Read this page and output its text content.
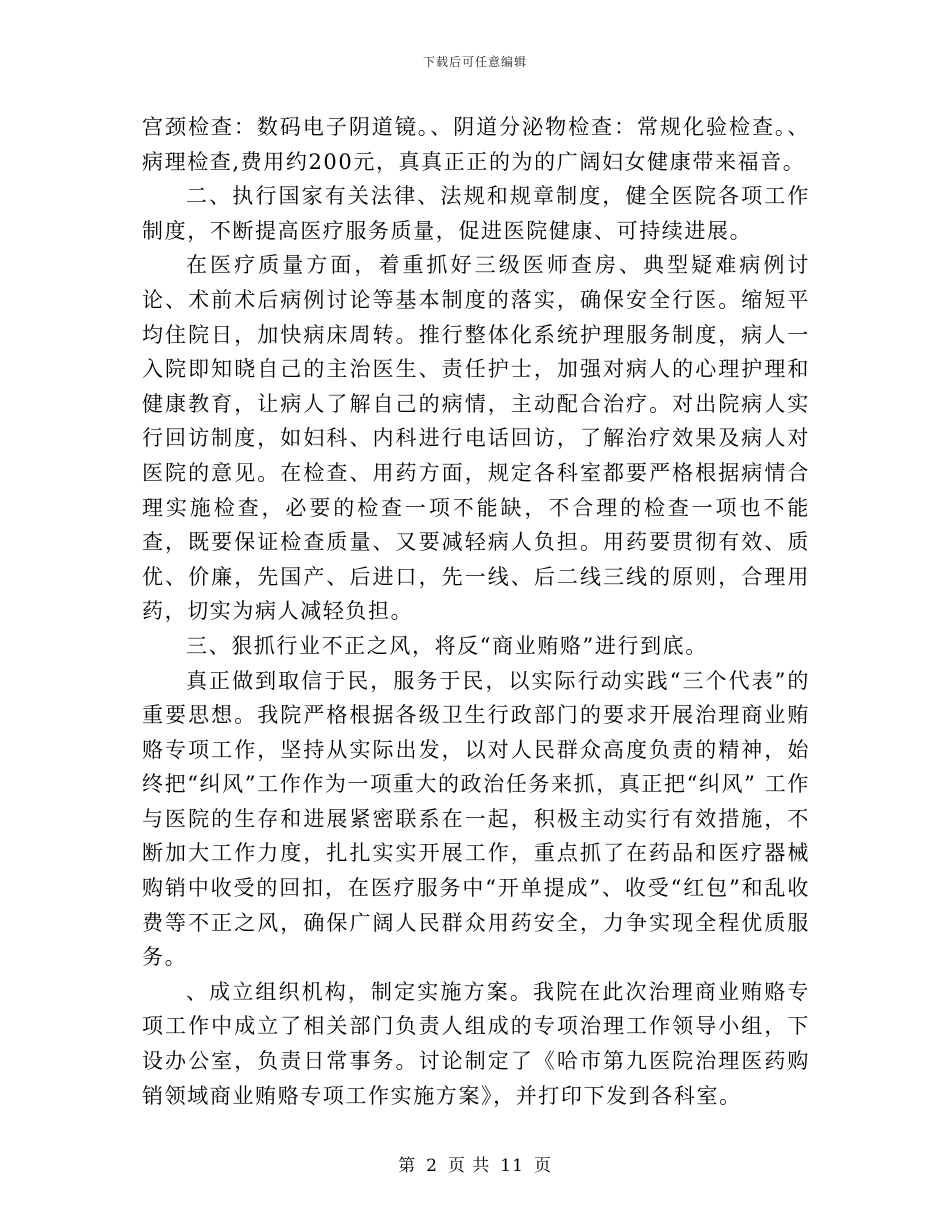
下载后可任意编辑

宫颈检查：数码电子阴道镜。、阴道分泌物检查：常规化验检查。、病理检查,费用约200元，真真正正的为的广阔妇女健康带来福音。

二、执行国家有关法律、法规和规章制度，健全医院各项工作制度，不断提高医疗服务质量，促进医院健康、可持续进展。

在医疗质量方面，着重抓好三级医师查房、典型疑难病例讨论、术前术后病例讨论等基本制度的落实，确保安全行医。缩短平均住院日，加快病床周转。推行整体化系统护理服务制度，病人一入院即知晓自己的主治医生、责任护士，加强对病人的心理护理和健康教育，让病人了解自己的病情，主动配合治疗。对出院病人实行回访制度，如妇科、内科进行电话回访，了解治疗效果及病人对医院的意见。在检查、用药方面，规定各科室都要严格根据病情合理实施检查，必要的检查一项不能缺，不合理的检查一项也不能查，既要保证检查质量、又要减轻病人负担。用药要贯彻有效、质优、价廉，先国产、后进口，先一线、后二线三线的原则，合理用药，切实为病人减轻负担。

三、狠抓行业不正之风，将反“商业贿赂”进行到底。

真正做到取信于民，服务于民，以实际行动实践“三个代表”的重要思想。我院严格根据各级卫生行政部门的要求开展治理商业贿赂专项工作，坚持从实际出发，以对人民群众高度负责的精神，始终把“纠风”工作作为一项重大的政治任务来抓，真正把“纠风” 工作与医院的生存和进展紧密联系在一起，积极主动实行有效措施，不断加大工作力度，扎扎实实开展工作，重点抓了在药品和医疗器械购销中收受的回扣，在医疗服务中“开单提成”、收受“红包”和乱收费等不正之风，确保广阔人民群众用药安全，力争实现全程优质服务。

、成立组织机构，制定实施方案。我院在此次治理商业贿赂专项工作中成立了相关部门负责人组成的专项治理工作领导小组，下设办公室，负责日常事务。讨论制定了《哈市第九医院治理医药购销领域商业贿赂专项工作实施方案》，并打印下发到各科室。

第 2 页 共 11 页
